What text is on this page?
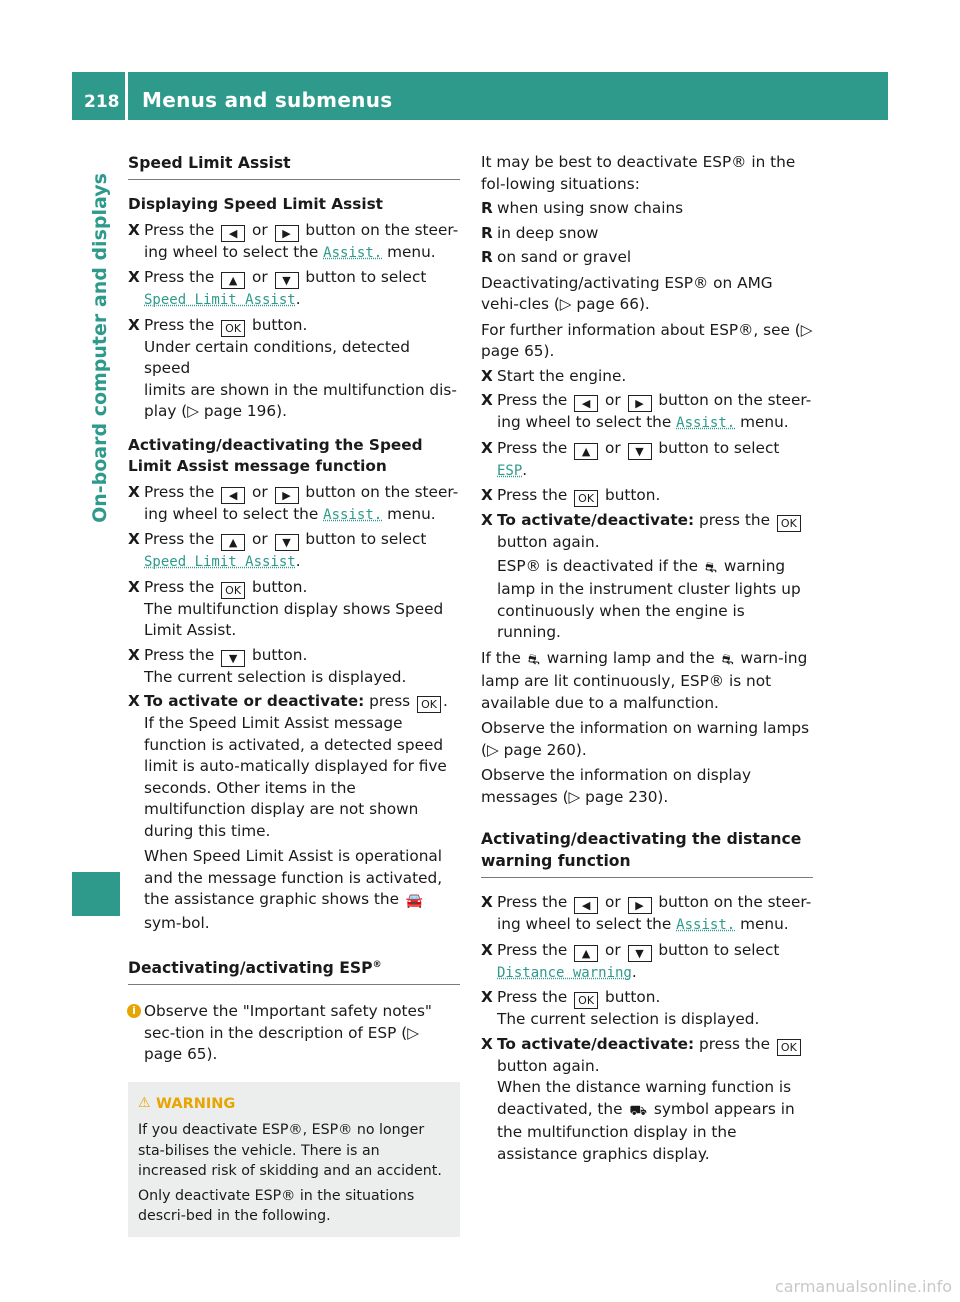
218 Menus and submenus
On-board computer and displays
Speed Limit Assist
Displaying Speed Limit Assist
X Press the ◀ or ▶ button on the steer-
ing wheel to select the Assist. menu.
X Press the ▲ or ▼ button to select
Speed Limit Assist.
X Press the OK button.
Under certain conditions, detected speed
limits are shown in the multifunction dis-
play (▷ page 196).
Activating/deactivating the Speed Limit Assist message function
X Press the ◀ or ▶ button on the steer-
ing wheel to select the Assist. menu.
X Press the ▲ or ▼ button to select
Speed Limit Assist.
X Press the OK button.
The multifunction display shows Speed
Limit Assist.
X Press the ▼ button.
The current selection is displayed.
X To activate or deactivate: press OK .
If the Speed Limit Assist message function is activated, a detected speed limit is auto-matically displayed for five seconds. Other items in the multifunction display are not shown during this time.
When Speed Limit Assist is operational and the message function is activated, the assistance graphic shows the 🚘 sym-bol.
Deactivating/activating ESP®
i Observe the "Important safety notes" sec-tion in the description of ESP (▷ page 65).
⚠ WARNING

If you deactivate ESP®, ESP® no longer sta-bilises the vehicle. There is an increased risk of skidding and an accident.

Only deactivate ESP® in the situations descri-bed in the following.

It may be best to deactivate ESP® in the fol-lowing situations:
R when using snow chains
R in deep snow
R on sand or gravel
Deactivating/activating ESP® on AMG vehi-cles (▷ page 66).
For further information about ESP®, see (▷ page 65).
X Start the engine.
X Press the ◀ or ▶ button on the steer-
ing wheel to select the Assist. menu.
X Press the ▲ or ▼ button to select
ESP.
X Press the OK button.
X To activate/deactivate: press the OK
button again.
ESP® is deactivated if the ⛐ warning lamp in the instrument cluster lights up continuously when the engine is running.
If the ⛐ warning lamp and the ⛐ warn-ing lamp are lit continuously, ESP® is not available due to a malfunction.
Observe the information on warning lamps (▷ page 260).
Observe the information on display messages (▷ page 230).
Activating/deactivating the distance warning function
X Press the ◀ or ▶ button on the steer-
ing wheel to select the Assist. menu.
X Press the ▲ or ▼ button to select
Distance warning.
X Press the OK button.
The current selection is displayed.
X To activate/deactivate: press the OK
button again.
When the distance warning function is deactivated, the ⛟ symbol appears in the multifunction display in the assistance graphics display.
carmanualsonline.info
